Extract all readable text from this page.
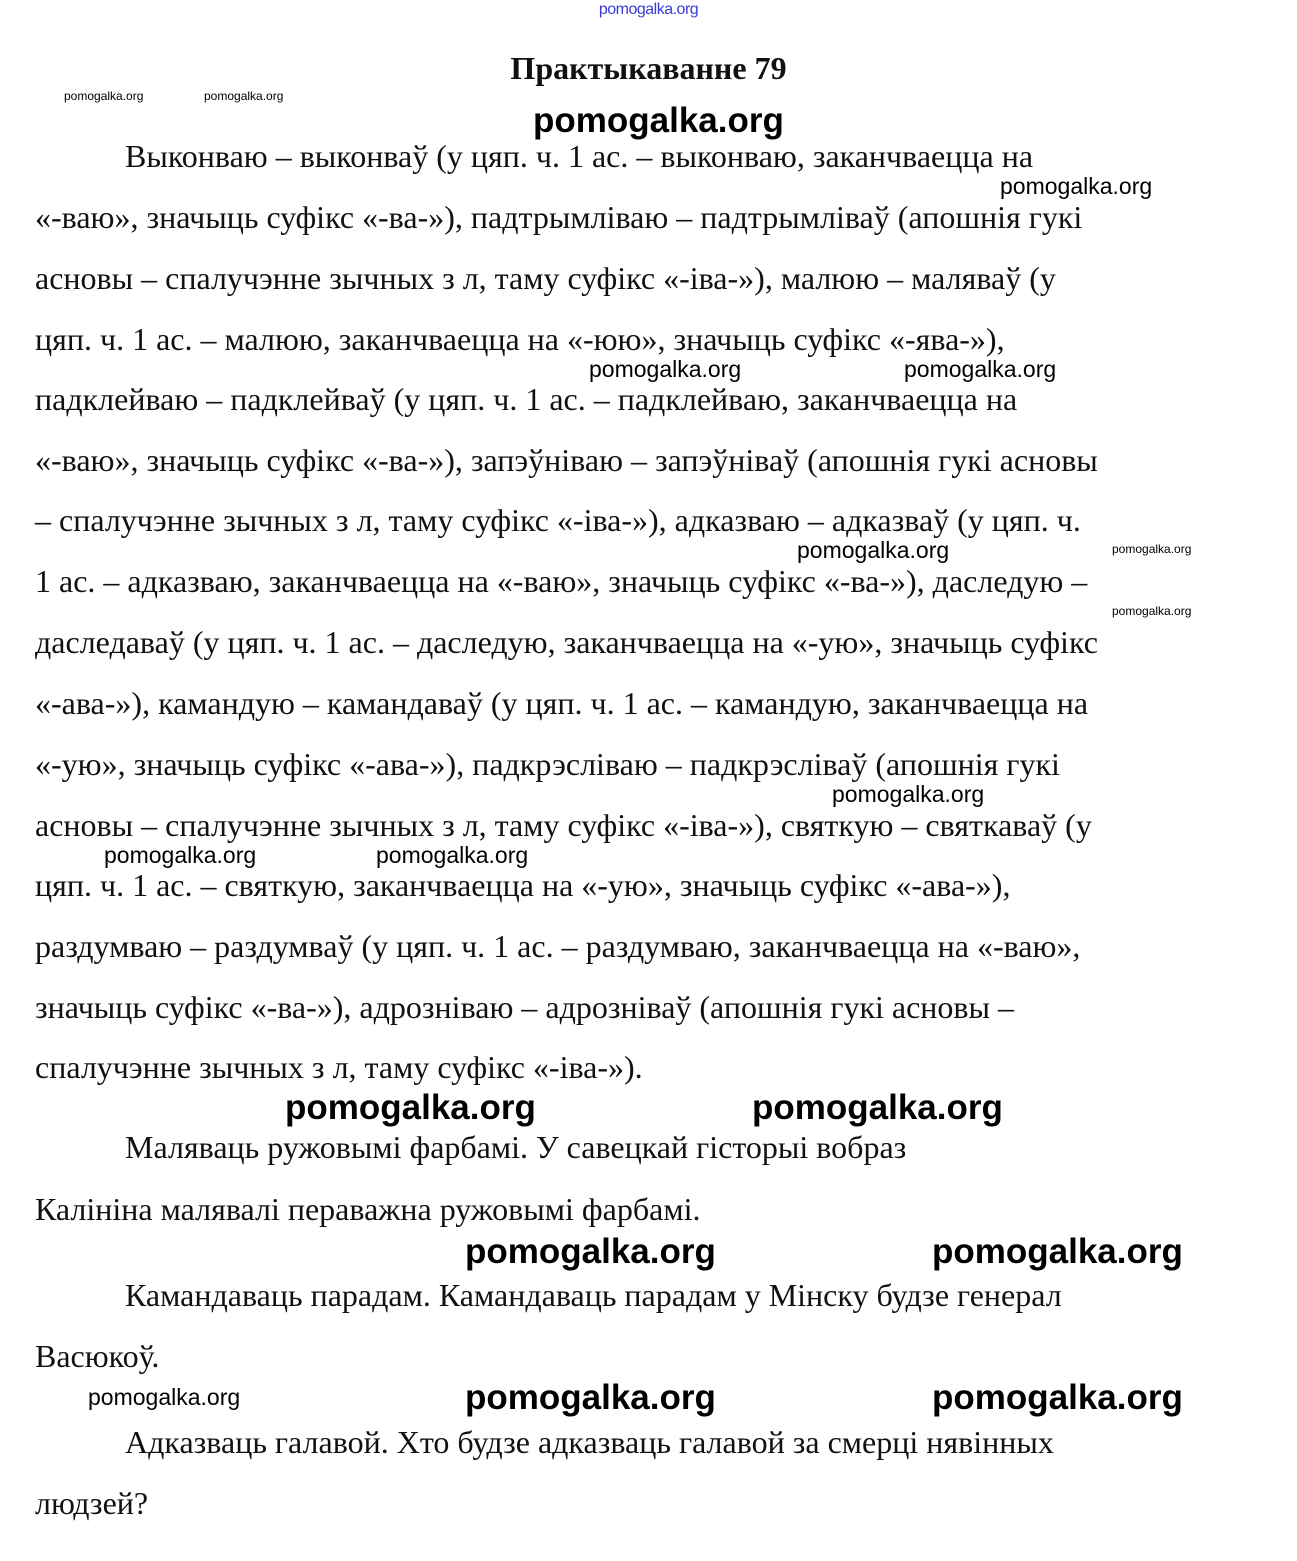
pomogalka.org
Практыкаванне 79
Выконваю – выконваў (у цяп. ч. 1 ас. – выконваю, заканчваецца на
«-ваю», значыць суфікс «-ва-»), падтрымліваю – падтрымліваў (апошнія гукі
асновы – спалучэнне зычных з л, таму суфікс «-іва-»), малюю – маляваў (у
цяп. ч. 1 ас. – малюю, заканчваецца на «-юю», значыць суфікс «-ява-»),
падклейваю – падклейваў (у цяп. ч. 1 ас. – падклейваю, заканчваецца на
«-ваю», значыць суфікс «-ва-»), запэўніваю – запэўніваў (апошнія гукі асновы
– спалучэнне зычных з л, таму суфікс «-іва-»), адказваю – адказваў (у цяп. ч.
1 ас. – адказваю, заканчваецца на «-ваю», значыць суфікс «-ва-»), даследую –
даследаваў (у цяп. ч. 1 ас. – даследую, заканчваецца на «-ую», значыць суфікс
«-ава-»), камандую – камандаваў (у цяп. ч. 1 ас. – камандую, заканчваецца на
«-ую», значыць суфікс «-ава-»), падкрэсліваю – падкрэсліваў (апошнія гукі
асновы – спалучэнне зычных з л, таму суфікс «-іва-»), святкую – святкаваў (у
цяп. ч. 1 ас. – святкую, заканчваецца на «-ую», значыць суфікс «-ава-»),
раздумваю – раздумваў (у цяп. ч. 1 ас. – раздумваю, заканчваецца на «-ваю»,
значыць суфікс «-ва-»), адрозніваю – адрозніваў (апошнія гукі асновы –
спалучэнне зычных з л, таму суфікс «-іва-»).
Маляваць ружовымі фарбамі. У савецкай гісторыі вобраз
Калініна малявалі пераважна ружовымі фарбамі.
Камандаваць парадам. Камандаваць парадам у Мінску будзе генерал
Васюкоў.
Адказваць галавой. Хто будзе адказваць галавой за смерці нявінных
людзей?
pomogalka.org	pomogalka.org
pomogalka.org
pomogalka.org
pomogalka.org
pomogalka.org	pomogalka.org
pomogalka.org	pomogalka.org
pomogalka.org
pomogalka.org
pomogalka.org
pomogalka.org	pomogalka.org
pomogalka.org
pomogalka.org
pomogalka.org	pomogalka.org
pomogalka.org
